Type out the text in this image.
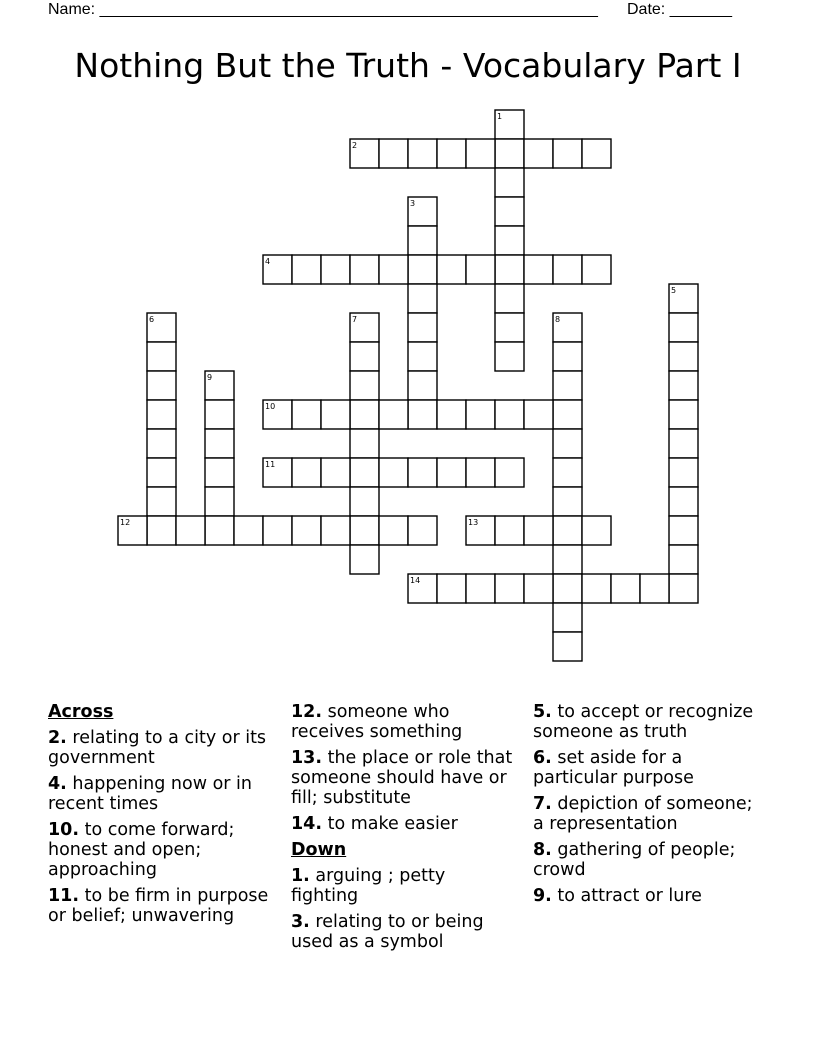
Name: ________________________________________________________ Date: _______
Nothing But the Truth - Vocabulary Part I
1
2
3
4
5
6	7	8
9
10
11
12	13
14
Across

2. relating to a city or its government

4. happening now or in recent times

10. to come forward; honest and open; approaching

11. to be firm in purpose or belief; unwavering

12. someone who receives something

13. the place or role that someone should have or fill; substitute

14. to make easier

Down

1. arguing ; petty fighting

3. relating to or being used as a symbol

5. to accept or recognize someone as truth

6. set aside for a particular purpose

7. depiction of someone; a representation

8. gathering of people; crowd

9. to attract or lure
